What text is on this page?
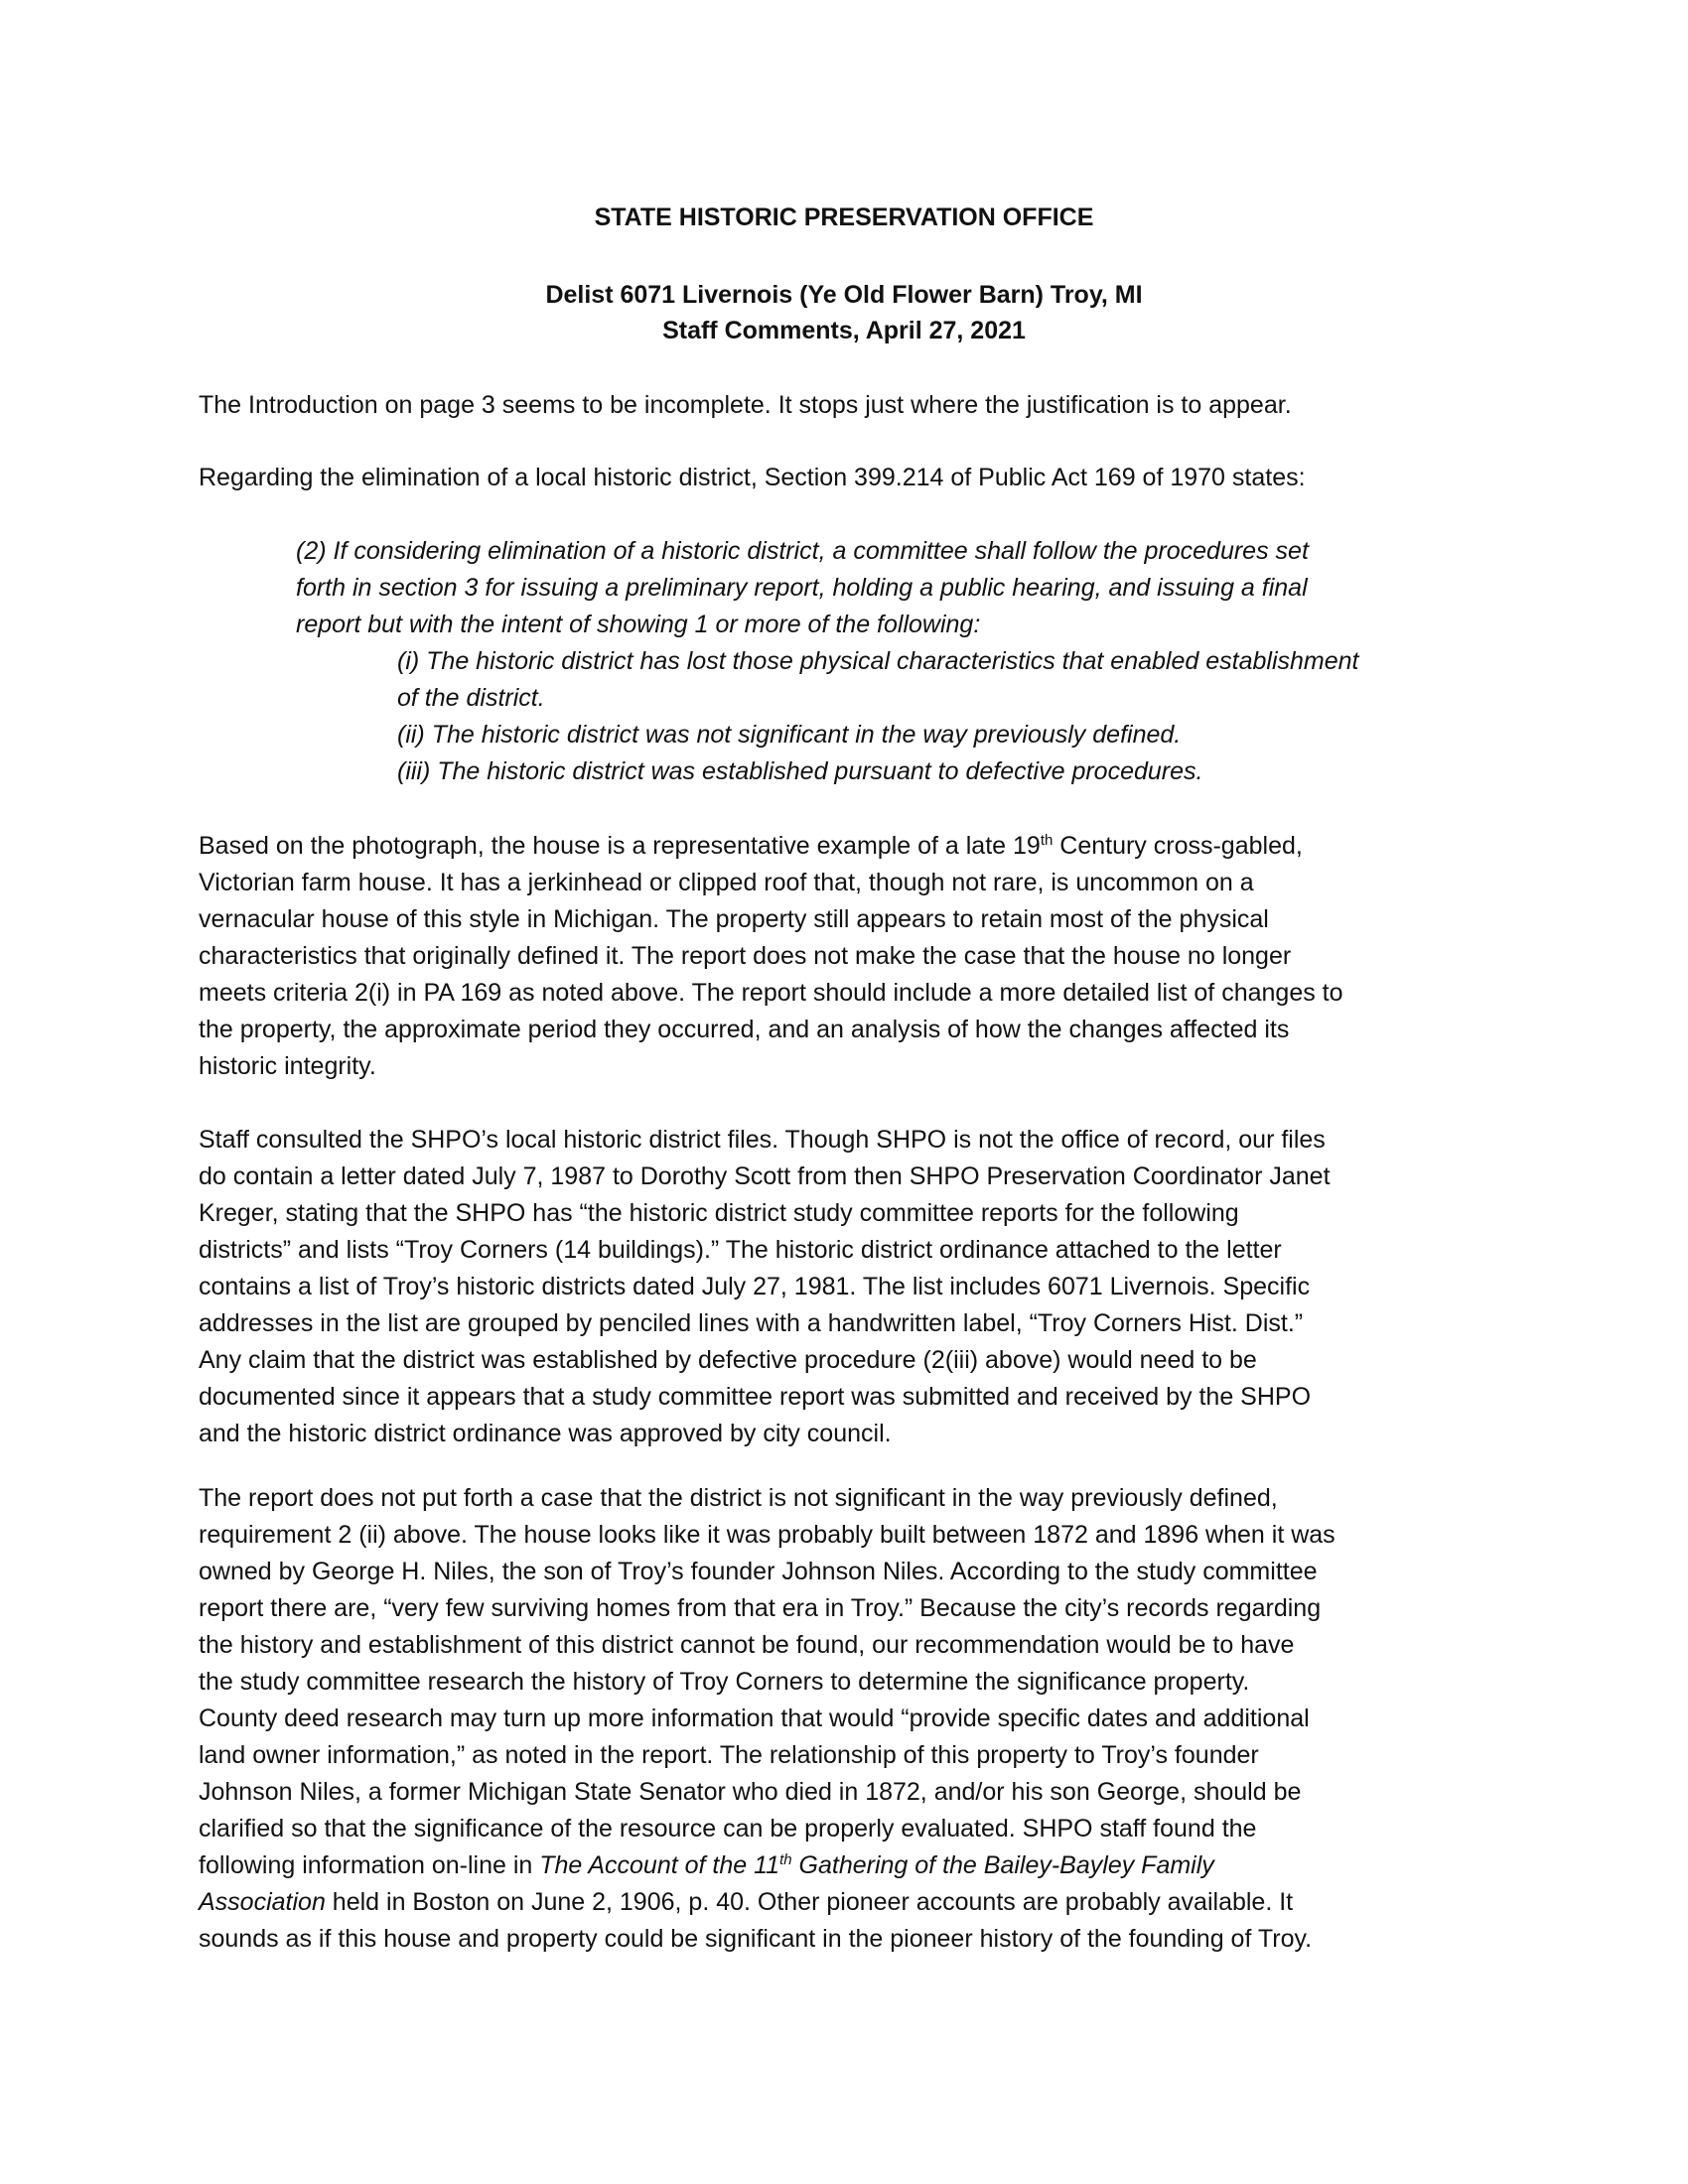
STATE HISTORIC PRESERVATION OFFICE
Delist 6071 Livernois (Ye Old Flower Barn) Troy, MI
Staff Comments, April 27, 2021
The Introduction on page 3 seems to be incomplete. It stops just where the justification is to appear.
Regarding the elimination of a local historic district, Section 399.214 of Public Act 169 of 1970 states:
(2) If considering elimination of a historic district, a committee shall follow the procedures set
forth in section 3 for issuing a preliminary report, holding a public hearing, and issuing a final
report but with the intent of showing 1 or more of the following:
(i) The historic district has lost those physical characteristics that enabled establishment
of the district.
(ii) The historic district was not significant in the way previously defined.
(iii) The historic district was established pursuant to defective procedures.
Based on the photograph, the house is a representative example of a late 19th Century cross-gabled,
Victorian farm house. It has a jerkinhead or clipped roof that, though not rare, is uncommon on a
vernacular house of this style in Michigan. The property still appears to retain most of the physical
characteristics that originally defined it. The report does not make the case that the house no longer
meets criteria 2(i) in PA 169 as noted above. The report should include a more detailed list of changes to
the property, the approximate period they occurred, and an analysis of how the changes affected its
historic integrity.
Staff consulted the SHPO’s local historic district files. Though SHPO is not the office of record, our files
do contain a letter dated July 7, 1987 to Dorothy Scott from then SHPO Preservation Coordinator Janet
Kreger, stating that the SHPO has “the historic district study committee reports for the following
districts” and lists “Troy Corners (14 buildings).” The historic district ordinance attached to the letter
contains a list of Troy’s historic districts dated July 27, 1981. The list includes 6071 Livernois. Specific
addresses in the list are grouped by penciled lines with a handwritten label, “Troy Corners Hist. Dist.”
Any claim that the district was established by defective procedure (2(iii) above) would need to be
documented since it appears that a study committee report was submitted and received by the SHPO
and the historic district ordinance was approved by city council.
The report does not put forth a case that the district is not significant in the way previously defined,
requirement 2 (ii) above. The house looks like it was probably built between 1872 and 1896 when it was
owned by George H. Niles, the son of Troy’s founder Johnson Niles. According to the study committee
report there are, “very few surviving homes from that era in Troy.” Because the city’s records regarding
the history and establishment of this district cannot be found, our recommendation would be to have
the study committee research the history of Troy Corners to determine the significance property.
County deed research may turn up more information that would “provide specific dates and additional
land owner information,” as noted in the report. The relationship of this property to Troy’s founder
Johnson Niles, a former Michigan State Senator who died in 1872, and/or his son George, should be
clarified so that the significance of the resource can be properly evaluated. SHPO staff found the
following information on-line in The Account of the 11th Gathering of the Bailey-Bayley Family
Association held in Boston on June 2, 1906, p. 40. Other pioneer accounts are probably available. It
sounds as if this house and property could be significant in the pioneer history of the founding of Troy.
